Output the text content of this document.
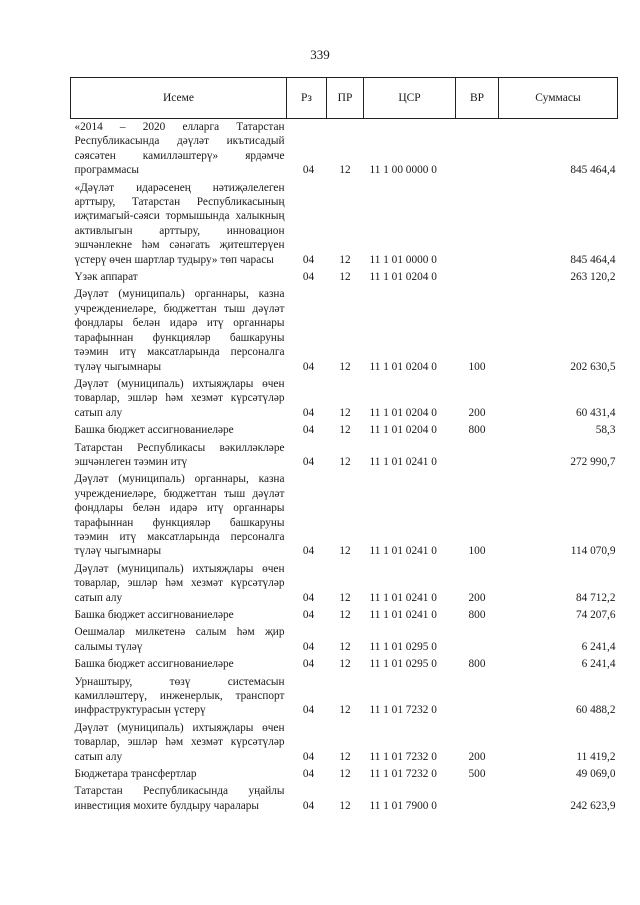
339
Исеме	Рз	ПР	ЦСР	ВР	Суммасы
«2014 – 2020 елларга Татарстан Республикасында дәүләт икътисадый сәясәтен камилләштерү» ярдәмче программасы	04	12	11 1 00 0000 0		845 464,4
«Дәүләт идарәсенең нәтиҗәлелеген арттыру, Татарстан Республикасының иҗтимагый-сәяси тормышында халыкның активлыгын арттыру, инновацион эшчәнлекне һәм сәнәгать җитештерүен үстерү өчен шартлар тудыру» төп чарасы	04	12	11 1 01 0000 0		845 464,4
Үзәк аппарат	04	12	11 1 01 0204 0		263 120,2
Дәүләт (муниципаль) органнары, казна учреждениеләре, бюджеттан тыш дәүләт фондлары белән идарә итү органнары тарафыннан функцияләр башкаруны тәэмин итү максатларында персоналга түләү чыгымнары	04	12	11 1 01 0204 0	100	202 630,5
Дәүләт (муниципаль) ихтыяҗлары өчен товарлар, эшләр һәм хезмәт күрсәтүләр сатып алу	04	12	11 1 01 0204 0	200	60 431,4
Башка бюджет ассигнованиеләре	04	12	11 1 01 0204 0	800	58,3
Татарстан Республикасы вәкилләкләре эшчәнлеген тәэмин итү	04	12	11 1 01 0241 0		272 990,7
Дәүләт (муниципаль) органнары, казна учреждениеләре, бюджеттан тыш дәүләт фондлары белән идарә итү органнары тарафыннан функцияләр башкаруны тәэмин итү максатларында персоналга түләү чыгымнары	04	12	11 1 01 0241 0	100	114 070,9
Дәүләт (муниципаль) ихтыяҗлары өчен товарлар, эшләр һәм хезмәт күрсәтүләр сатып алу	04	12	11 1 01 0241 0	200	84 712,2
Башка бюджет ассигнованиеләре	04	12	11 1 01 0241 0	800	74 207,6
Оешмалар милкетенә салым һәм җир салымы түләү	04	12	11 1 01 0295 0		6 241,4
Башка бюджет ассигнованиеләре	04	12	11 1 01 0295 0	800	6 241,4
Урнаштыру, төзү системасын камилләштерү, инженерлык, транспорт инфраструктурасын үстерү	04	12	11 1 01 7232 0		60 488,2
Дәүләт (муниципаль) ихтыяҗлары өчен товарлар, эшләр һәм хезмәт күрсәтүләр сатып алу	04	12	11 1 01 7232 0	200	11 419,2
Бюджетара трансфертлар	04	12	11 1 01 7232 0	500	49 069,0
Татарстан Республикасында уңайлы инвестиция мохите булдыру чаралары	04	12	11 1 01 7900 0		242 623,9
